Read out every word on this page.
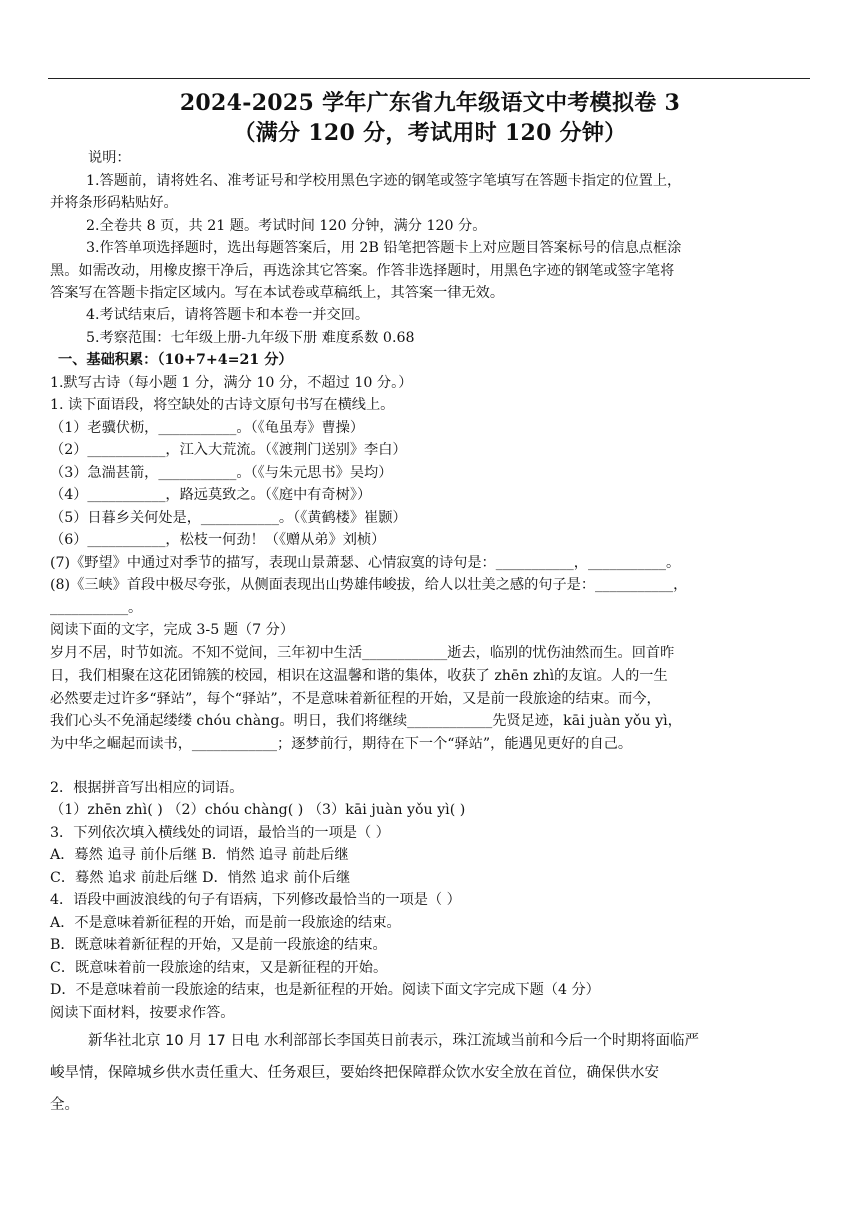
2024-2025 学年广东省九年级语文中考模拟卷 3
（满分 120 分，考试用时 120 分钟）
说明：
1.答题前，请将姓名、准考证号和学校用黑色字迹的钢笔或签字笔填写在答题卡指定的位置上，
并将条形码粘贴好。
2.全卷共 8 页，共 21 题。考试时间 120 分钟，满分 120 分。
3.作答单项选择题时，选出每题答案后，用 2B 铅笔把答题卡上对应题目答案标号的信息点框涂
黑。如需改动，用橡皮擦干净后，再选涂其它答案。作答非选择题时，用黑色字迹的钢笔或签字笔将
答案写在答题卡指定区域内。写在本试卷或草稿纸上，其答案一律无效。
4.考试结束后，请将答题卡和本卷一并交回。
5.考察范围：七年级上册-九年级下册 难度系数 0.68
一、基础积累：（10+7+4=21 分）
1.默写古诗（每小题 1 分，满分 10 分，不超过 10 分。）
1. 读下面语段，将空缺处的古诗文原句书写在横线上。
（1）老骥伏枥，___________。（《龟虽寿》曹操）
（2）___________，江入大荒流。（《渡荆门送别》李白）
（3）急湍甚箭，___________。（《与朱元思书》吴均）
（4）___________，路远莫致之。（《庭中有奇树》）
（5）日暮乡关何处是，___________。（《黄鹤楼》崔颢）
（6）___________，松枝一何劲！（《赠从弟》刘桢）
(7)《野望》中通过对季节的描写，表现山景萧瑟、心情寂寞的诗句是：___________，___________。
(8)《三峡》首段中极尽夸张，从侧面表现出山势雄伟峻拔，给人以壮美之感的句子是：___________，
___________。
阅读下面的文字，完成 3-5 题（7 分）
岁月不居，时节如流。不知不觉间，三年初中生活____________逝去，临别的忧伤油然而生。回首昨
日，我们相聚在这花团锦簇的校园，相识在这温馨和谐的集体，收获了 zhēn zhì的友谊。人的一生
必然要走过许多“驿站”，每个“驿站”，不是意味着新征程的开始，又是前一段旅途的结束。而今，
我们心头不免涌起缕缕 chóu chàng。明日，我们将继续____________先贤足迹，kāi juàn yǒu yì，
为中华之崛起而读书，____________；逐梦前行，期待在下一个“驿站”，能遇见更好的自己。
2．根据拼音写出相应的词语。
（1）zhēn zhì( ) （2）chóu chàng( ) （3）kāi juàn yǒu yì( )
3．下列依次填入横线处的词语，最恰当的一项是（ ）
A．蓦然 追寻 前仆后继 B．悄然 追寻 前赴后继
C．蓦然 追求 前赴后继 D．悄然 追求 前仆后继
4．语段中画波浪线的句子有语病，下列修改最恰当的一项是（ ）
A．不是意味着新征程的开始，而是前一段旅途的结束。
B．既意味着新征程的开始，又是前一段旅途的结束。
C．既意味着前一段旅途的结束，又是新征程的开始。
D．不是意味着前一段旅途的结束，也是新征程的开始。阅读下面文字完成下题（4 分）
阅读下面材料，按要求作答。
新华社北京 10 月 17 日电 水利部部长李国英日前表示，珠江流域当前和今后一个时期将面临严
峻旱情，保障城乡供水责任重大、任务艰巨，要始终把保障群众饮水安全放在首位，确保供水安
全。
